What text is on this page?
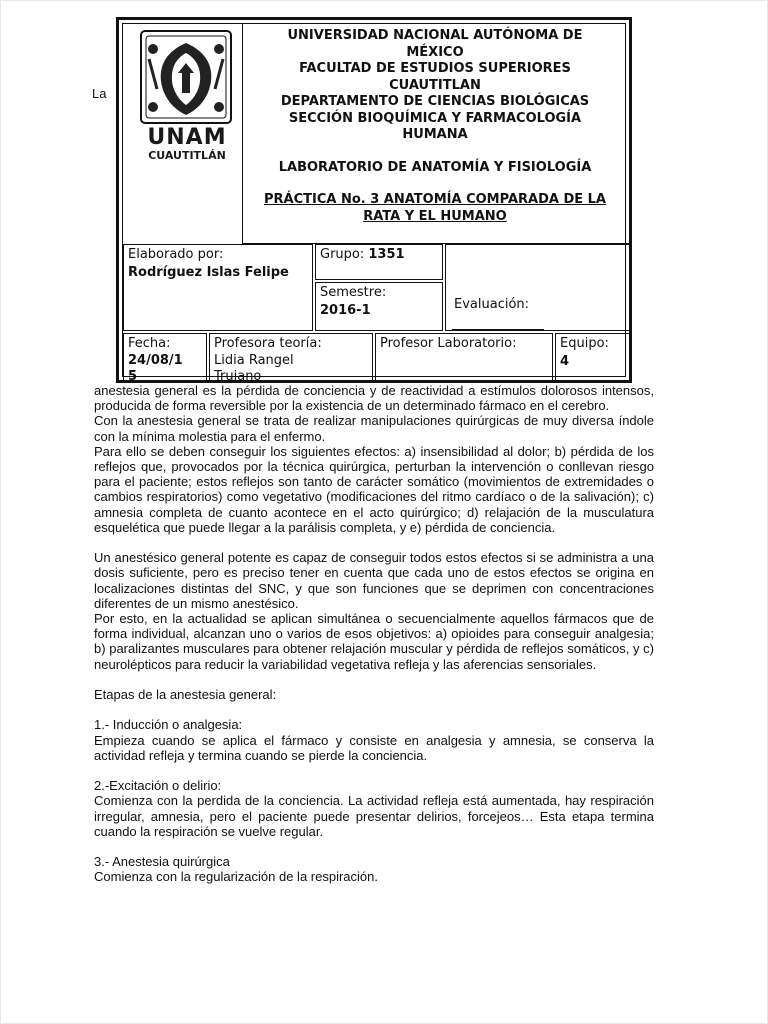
La
UNAM
CUAUTITLÁN
UNIVERSIDAD NACIONAL AUTÓNOMA DE
MÉXICO
FACULTAD DE ESTUDIOS SUPERIORES
CUAUTITLAN
DEPARTAMENTO DE CIENCIAS BIOLÓGICAS
SECCIÓN BIOQUÍMICA Y FARMACOLOGÍA
HUMANA
LABORATORIO DE ANATOMÍA Y FISIOLOGÍA
PRÁCTICA No. 3 ANATOMÍA COMPARADA DE LA
RATA Y EL HUMANO
Elaborado por:
Rodríguez Islas Felipe
Grupo: 1351
Semestre:
2016-1	Evaluación:
Fecha:
24/08/1
5
Profesora teoría:
Lidia Rangel
Trujano
Profesor Laboratorio:	Equipo:
4

anestesia general es la pérdida de conciencia y de reactividad a estímulos dolorosos intensos, producida de forma reversible por la existencia de un determinado fármaco en el cerebro.

Con la anestesia general se trata de realizar manipulaciones quirúrgicas de muy diversa índole con la mínima molestia para el enfermo.

Para ello se deben conseguir los siguientes efectos: a) insensibilidad al dolor; b) pérdida de los reflejos que, provocados por la técnica quirúrgica, perturban la intervención o conllevan riesgo para el paciente; estos reflejos son tanto de carácter somático (movimientos de extremidades o cambios respiratorios) como vegetativo (modificaciones del ritmo cardíaco o de la salivación); c) amnesia completa de cuanto acontece en el acto quirúrgico; d) relajación de la musculatura esquelética que puede llegar a la parálisis completa, y e) pérdida de conciencia.

Un anestésico general potente es capaz de conseguir todos estos efectos si se administra a una dosis suficiente, pero es preciso tener en cuenta que cada uno de estos efectos se origina en localizaciones distintas del SNC, y que son funciones que se deprimen con concentraciones diferentes de un mismo anestésico.

Por esto, en la actualidad se aplican simultánea o secuencialmente aquellos fármacos que de forma individual, alcanzan uno o varios de esos objetivos: a) opioides para conseguir analgesia; b) paralizantes musculares para obtener relajación muscular y pérdida de reflejos somáticos, y c) neurolépticos para reducir la variabilidad vegetativa refleja y las aferencias sensoriales.

Etapas de la anestesia general:

1.- Inducción o analgesia:

Empieza cuando se aplica el fármaco y consiste en analgesia y amnesia, se conserva la actividad refleja y termina cuando se pierde la conciencia.

2.-Excitación o delirio:

Comienza con la perdida de la conciencia. La actividad refleja está aumentada, hay respiración irregular, amnesia, pero el paciente puede presentar delirios, forcejeos… Esta etapa termina cuando la respiración se vuelve regular.

3.- Anestesia quirúrgica

Comienza con la regularización de la respiración.
